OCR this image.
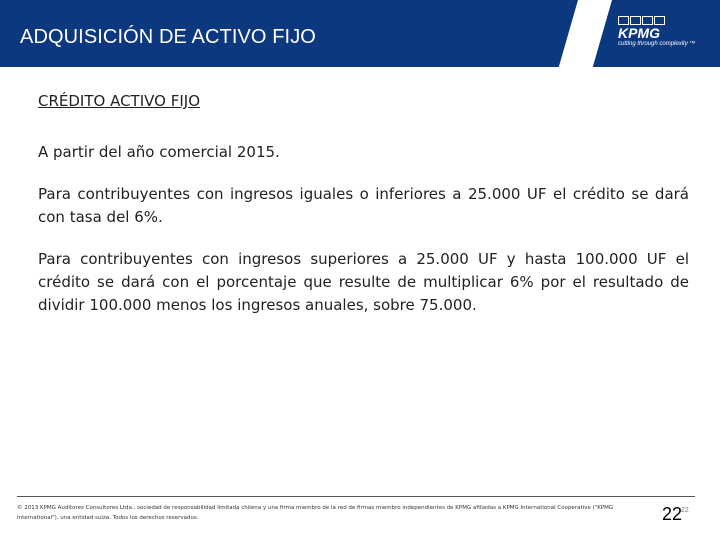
ADQUISICIÓN DE ACTIVO FIJO	KPMG
cutting through complexity ™
CRÉDITO ACTIVO FIJO
A partir del año comercial 2015.
Para contribuyentes con ingresos iguales o inferiores a 25.000 UF el crédito se dará con tasa del 6%.
Para contribuyentes con ingresos superiores a 25.000 UF y hasta 100.000 UF el crédito se dará con el porcentaje que resulte de multiplicar 6% por el resultado de dividir 100.000 menos los ingresos anuales, sobre 75.000.
© 2013 KPMG Auditores Consultores Ltda., sociedad de responsabilidad limitada chilena y una firma miembro de la red de firmas miembro independientes de KPMG afiliadas a KPMG International Cooperative ("KPMG International"), una entidad suiza. Todos los derechos reservados.	22
22
